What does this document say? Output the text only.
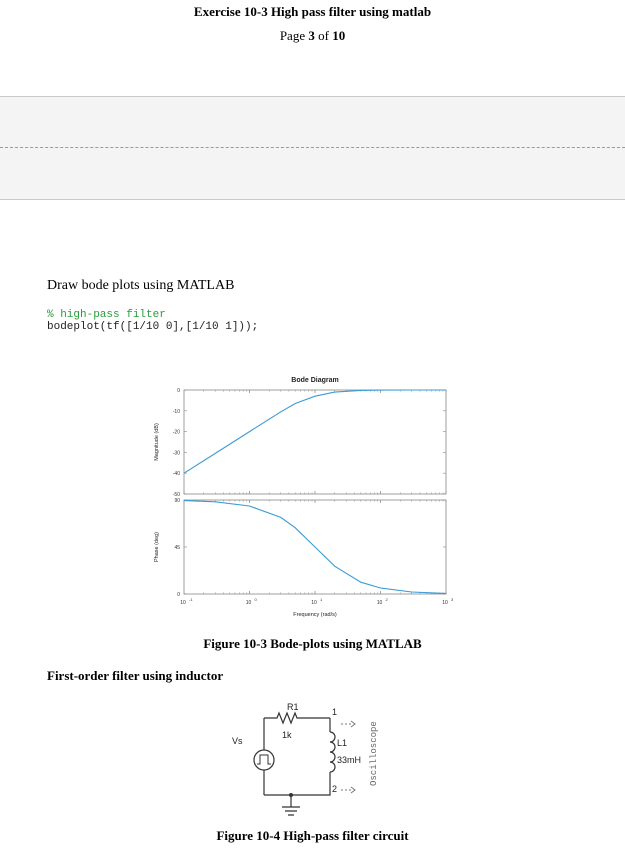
Exercise 10-3 High pass filter using matlab
Page 3 of 10
Draw bode plots using MATLAB
% high-pass filter
bodeplot(tf([1/10 0],[1/10 1]));
Bode Diagram
0
-10
-20
-30
-40
-50
Magnitude (dB)
90
45
0
Phase (deg)
10
-1
10
0
10
1
10
2
10
3
Frequency (rad/s)
Figure 10-3 Bode-plots using MATLAB
First-order filter using inductor
R1
1k
L1
33mH
Vs
1
2
Oscilloscope
Figure 10-4 High-pass filter circuit
